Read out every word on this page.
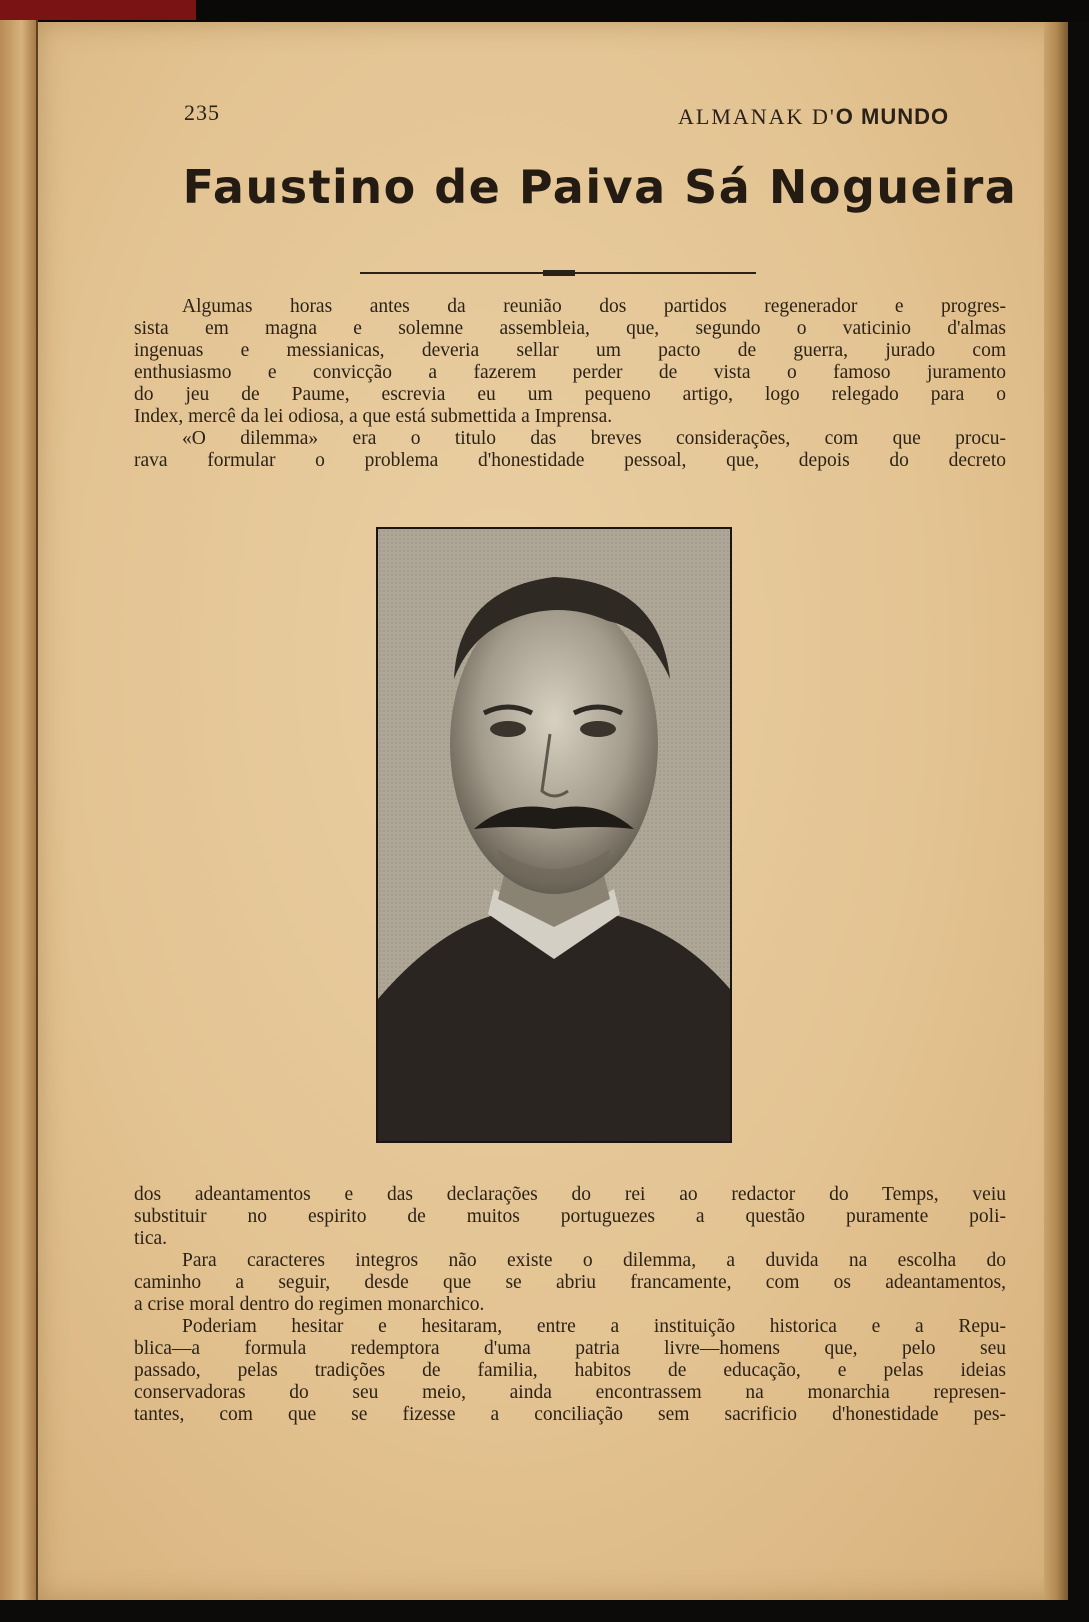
235	ALMANAK D'O MUNDO
Faustino de Paiva Sá Nogueira
Algumas horas antes da reunião dos partidos regenerador e progres-
sista em magna e solemne assembleia, que, segundo o vaticinio d'almas
ingenuas e messianicas, deveria sellar um pacto de guerra, jurado com
enthusiasmo e convicção a fazerem perder de vista o famoso juramento
do jeu de Paume, escrevia eu um pequeno artigo, logo relegado para o
Index, mercê da lei odiosa, a que está submettida a Imprensa.
«O dilemma» era o titulo das breves considerações, com que procu-
rava formular o problema d'honestidade pessoal, que, depois do decreto
dos adeantamentos e das declarações do rei ao redactor do Temps, veiu
substituir no espirito de muitos portuguezes a questão puramente poli-
tica.
Para caracteres integros não existe o dilemma, a duvida na escolha do
caminho a seguir, desde que se abriu francamente, com os adeantamentos,
a crise moral dentro do regimen monarchico.
Poderiam hesitar e hesitaram, entre a instituição historica e a Repu-
blica—a formula redemptora d'uma patria livre—homens que, pelo seu
passado, pelas tradições de familia, habitos de educação, e pelas ideias
conservadoras do seu meio, ainda encontrassem na monarchia represen-
tantes, com que se fizesse a conciliação sem sacrificio d'honestidade pes-
